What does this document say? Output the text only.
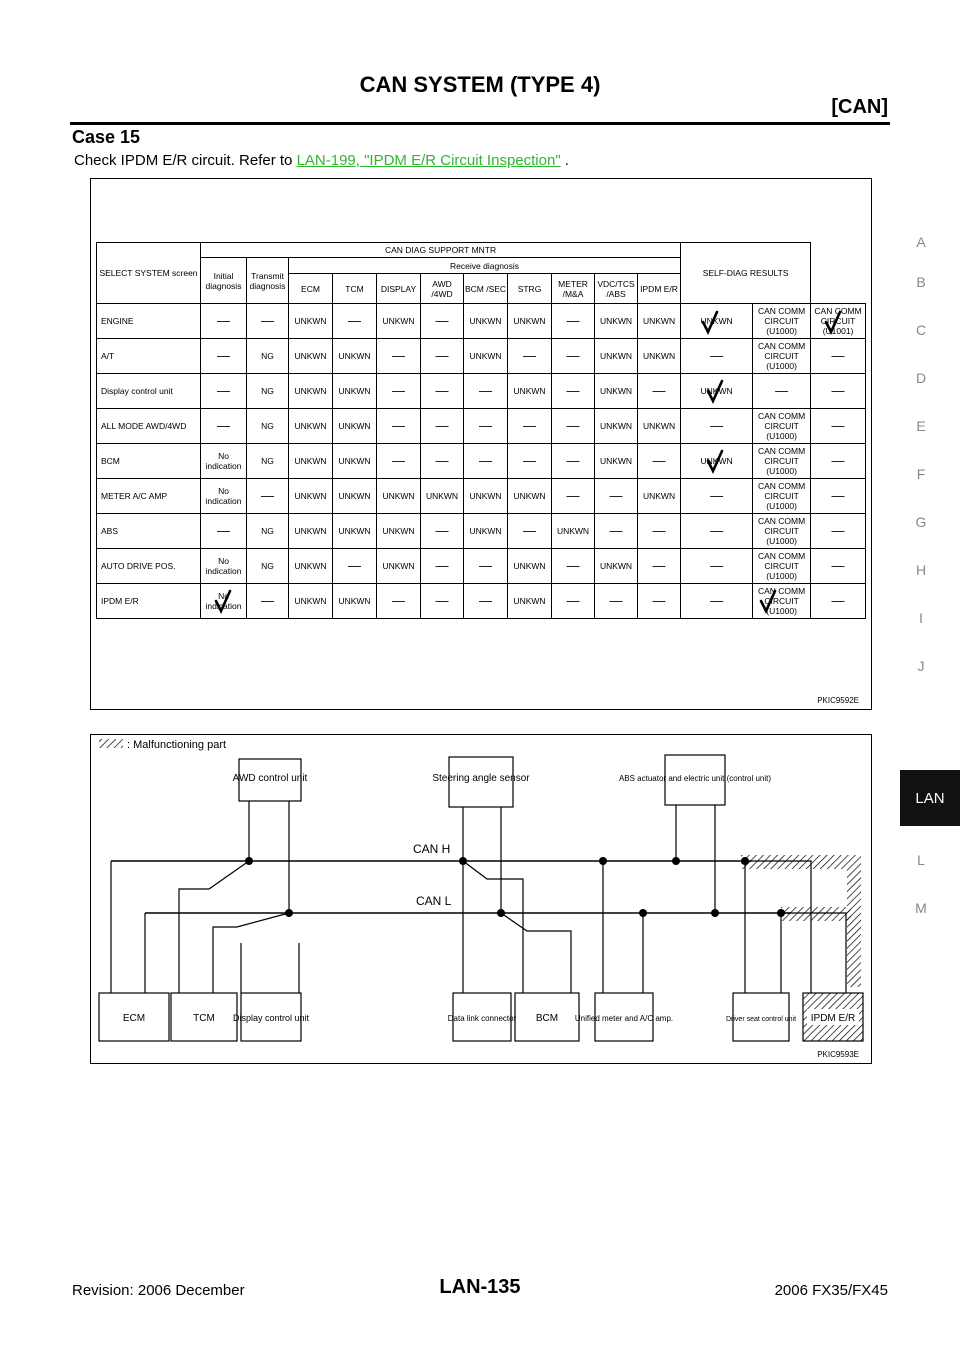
CAN SYSTEM (TYPE 4)
[CAN]
Case 15
Check IPDM E/R circuit. Refer to LAN-199, "IPDM E/R Circuit Inspection" .
A
B
C
D
E
F
G
H
I
J
LAN
L
M
SELECT SYSTEM screen	CAN DIAG SUPPORT MNTR											SELF-DIAG RESULTS		
	Initial diagnosis	Transmit diagnosis	Receive diagnosis											
			ECM	TCM	DISPLAY	AWD /4WD	BCM /SEC	STRG	METER /M&A	VDC/TCS /ABS	IPDM E/R			
ENGINE	—	—	UNKWN	—	UNKWN	—	UNKWN	UNKWN	—	UNKWN	UNKWN	UNKWN	CAN COMM CIRCUIT (U1000)	CAN COMM CIRCUIT (U1001)
A/T	—	NG	UNKWN	UNKWN	—	—	UNKWN	—	—	UNKWN	UNKWN	—	CAN COMM CIRCUIT (U1000)	—
Display control unit	—	NG	UNKWN	UNKWN	—	—	—	UNKWN	—	UNKWN	—	UNKWN	—	—
ALL MODE AWD/4WD	—	NG	UNKWN	UNKWN	—	—	—	—	—	UNKWN	UNKWN	—	CAN COMM CIRCUIT (U1000)	—
BCM	No indication	NG	UNKWN	UNKWN	—	—	—	—	—	UNKWN	—	UNKWN	CAN COMM CIRCUIT (U1000)	—
METER A/C AMP	No indication	—	UNKWN	UNKWN	UNKWN	UNKWN	UNKWN	UNKWN	—	—	UNKWN	—	CAN COMM CIRCUIT (U1000)	—
ABS	—	NG	UNKWN	UNKWN	UNKWN	—	UNKWN	—	UNKWN	—	—	—	CAN COMM CIRCUIT (U1000)	—
AUTO DRIVE POS.	No indication	NG	UNKWN	—	UNKWN	—	—	UNKWN	—	UNKWN	—	—	CAN COMM CIRCUIT (U1000)	—
IPDM E/R	No indication	—	UNKWN	UNKWN	—	—	—	UNKWN	—	—	—	—	CAN COMM CIRCUIT (U1000)	—
PKIC9592E
: Malfunctioning part
CAN H
CAN L
AWD control unit	Steering angle sensor	ABS actuator and electric unit (control unit)
ECM	TCM Display control unit	Data link connector BCM Unified meter and A/C amp.	Driver seat control unit IPDM E/R
PKIC9593E
Revision: 2006 December	LAN-135	2006 FX35/FX45
